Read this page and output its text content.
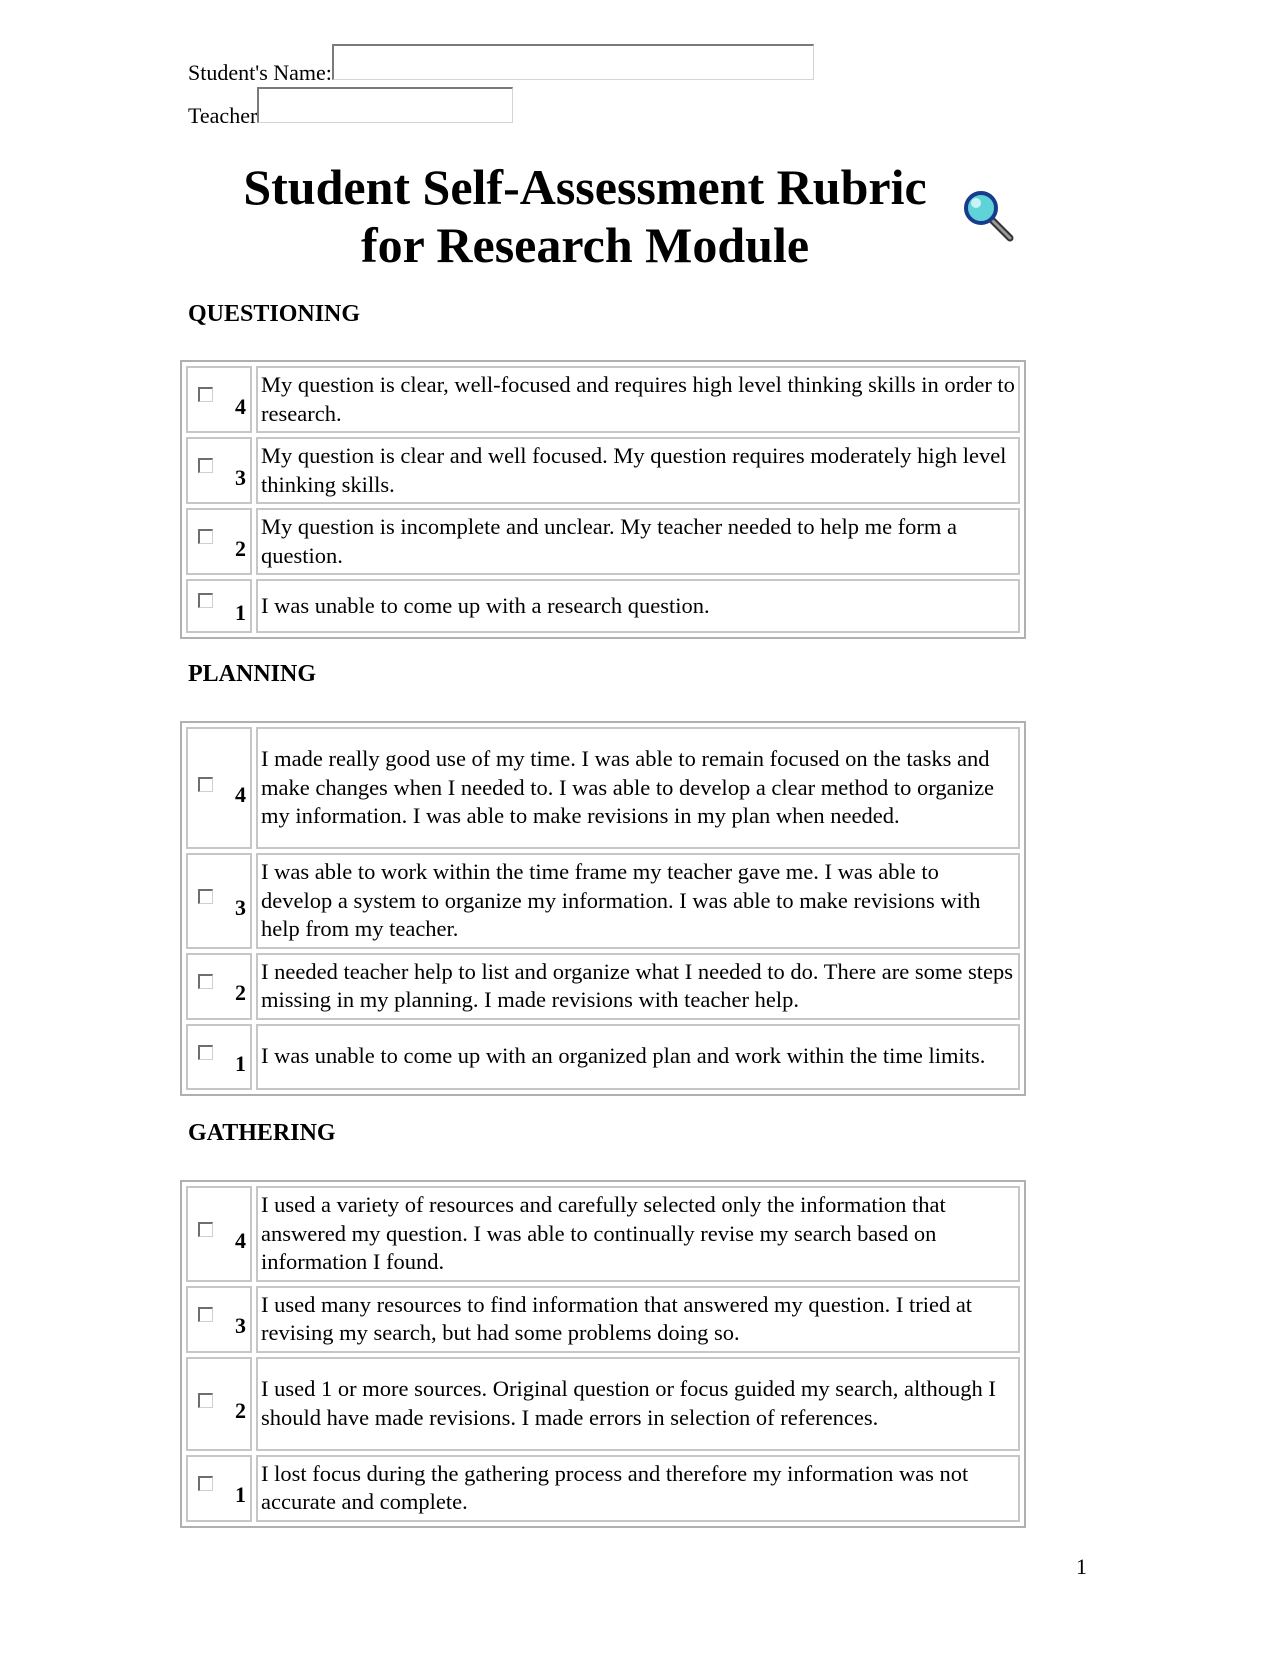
Student's Name:
Teacher
Student Self-Assessment Rubric
for Research Module
QUESTIONING
4	My question is clear, well-focused and requires high level thinking skills in order to research.

3	My question is clear and well focused. My question requires moderately high level thinking skills.

2	My question is incomplete and unclear. My teacher needed to help me form a question.

1	I was unable to come up with a research question.
PLANNING
4	I made really good use of my time. I was able to remain focused on the tasks and make changes when I needed to. I was able to develop a clear method to organize my information. I was able to make revisions in my plan when needed.

3	I was able to work within the time frame my teacher gave me. I was able to develop a system to organize my information. I was able to make revisions with help from my teacher.

2	I needed teacher help to list and organize what I needed to do. There are some steps missing in my planning. I made revisions with teacher help.

1	I was unable to come up with an organized plan and work within the time limits.
GATHERING
4	I used a variety of resources and carefully selected only the information that answered my question. I was able to continually revise my search based on information I found.

3	I used many resources to find information that answered my question. I tried at revising my search, but had some problems doing so.

2	I used 1 or more sources. Original question or focus guided my search, although I should have made revisions. I made errors in selection of references.

1	I lost focus during the gathering process and therefore my information was not accurate and complete.
1
